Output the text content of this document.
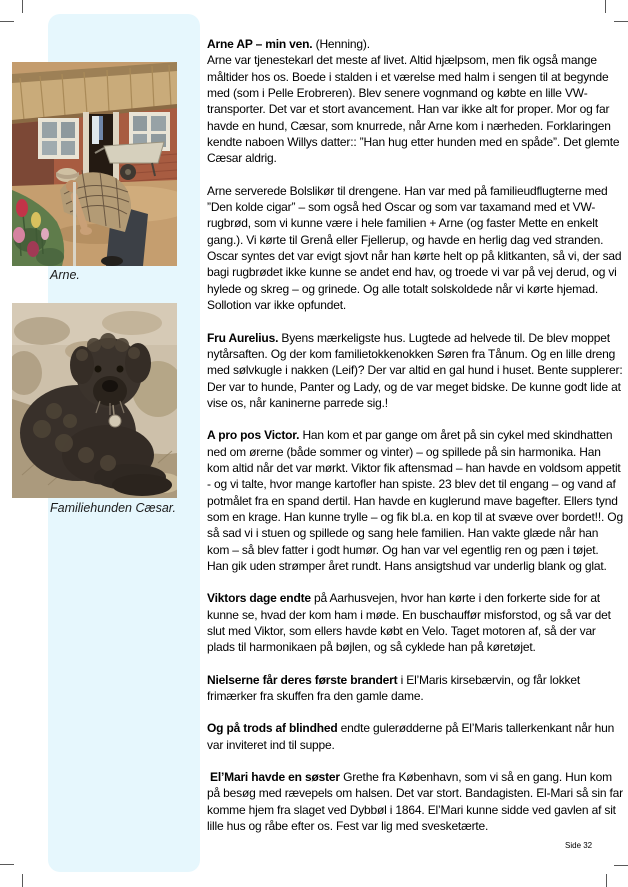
Arne.
Familiehunden Cæsar.

Arne AP – min ven. (Henning).
Arne var tjenestekarl det meste af livet. Altid hjælpsom, men fik også mange måltider hos os. Boede i stalden i et værelse med halm i sengen til at begynde med (som i Pelle Erobreren). Blev senere vognmand og købte en lille VW-transporter. Det var et stort avancement. Han var ikke alt for proper. Mor og far havde en hund, Cæsar, som knurrede, når Arne kom i nærheden. Forklaringen kendte naboen Willys datter:: ”Han hug etter hunden med en spåde”. Det glemte Cæsar aldrig.

Arne serverede Bolslikør til drengene. Han var med på familieudflugterne med ”Den kolde cigar” – som også hed Oscar og som var taxamand med et VW-rugbrød, som vi kunne være i hele familien + Arne (og faster Mette en enkelt gang.). Vi kørte til Grenå eller Fjellerup, og havde en herlig dag ved stranden. Oscar syntes det var evigt sjovt når han kørte helt op på klitkanten, så vi, der sad bagi rugbrødet ikke kunne se andet end hav, og troede vi var på vej derud, og vi hylede og skreg – og grinede. Og alle totalt solskoldede når vi kørte hjemad. Sollotion var ikke opfundet.

Fru Aurelius. Byens mærkeligste hus. Lugtede ad helvede til. De blev moppet nytårsaften. Og der kom familietokkenokken Søren fra Tånum. Og en lille dreng med sølvkugle i nakken (Leif)? Der var altid en gal hund i huset. Bente supplerer: Der var to hunde, Panter og Lady, og de var meget bidske. De kunne godt lide at vise os, når kaninerne parrede sig.!

A pro pos Victor. Han kom et par gange om året på sin cykel med skindhatten ned om ørerne (både sommer og vinter) – og spillede på sin harmonika. Han kom altid når det var mørkt. Viktor fik aftensmad – han havde en voldsom appetit - og vi talte, hvor mange kartofler han spiste. 23 blev det til engang – og vand af potmålet fra en spand dertil. Han havde en kuglerund mave bagefter. Ellers tynd som en krage. Han kunne trylle – og fik bl.a. en kop til at svæve over bordet!!. Og så sad vi i stuen og spillede og sang hele familien. Han vakte glæde når han kom – så blev fatter i godt humør. Og han var vel egentlig ren og pæn i tøjet. Han gik uden strømper året rundt. Hans ansigtshud var underlig blank og glat.

Viktors dage endte på Aarhusvejen, hvor han kørte i den forkerte side for at kunne se, hvad der kom ham i møde. En buschauffør misforstod, og så var det slut med Viktor, som ellers havde købt en Velo. Taget motoren af, så der var plads til harmonikaen på bøjlen, og så cyklede han på køretøjet.

Nielserne får deres første brandert i El’Maris kirsebærvin, og får lokket frimærker fra skuffen fra den gamle dame.

Og på trods af blindhed endte gulerødderne på El’Maris tallerkenkant når hun var inviteret ind til suppe.

El’Mari havde en søster Grethe fra København, som vi så en gang. Hun kom på besøg med rævepels om halsen. Det var stort. Bandagisten. El-Mari så sin far komme hjem fra slaget ved Dybbøl i 1864. El’Mari kunne sidde ved gavlen af sit lille hus og råbe efter os. Fest var lig med svesketærte.

Side 32
